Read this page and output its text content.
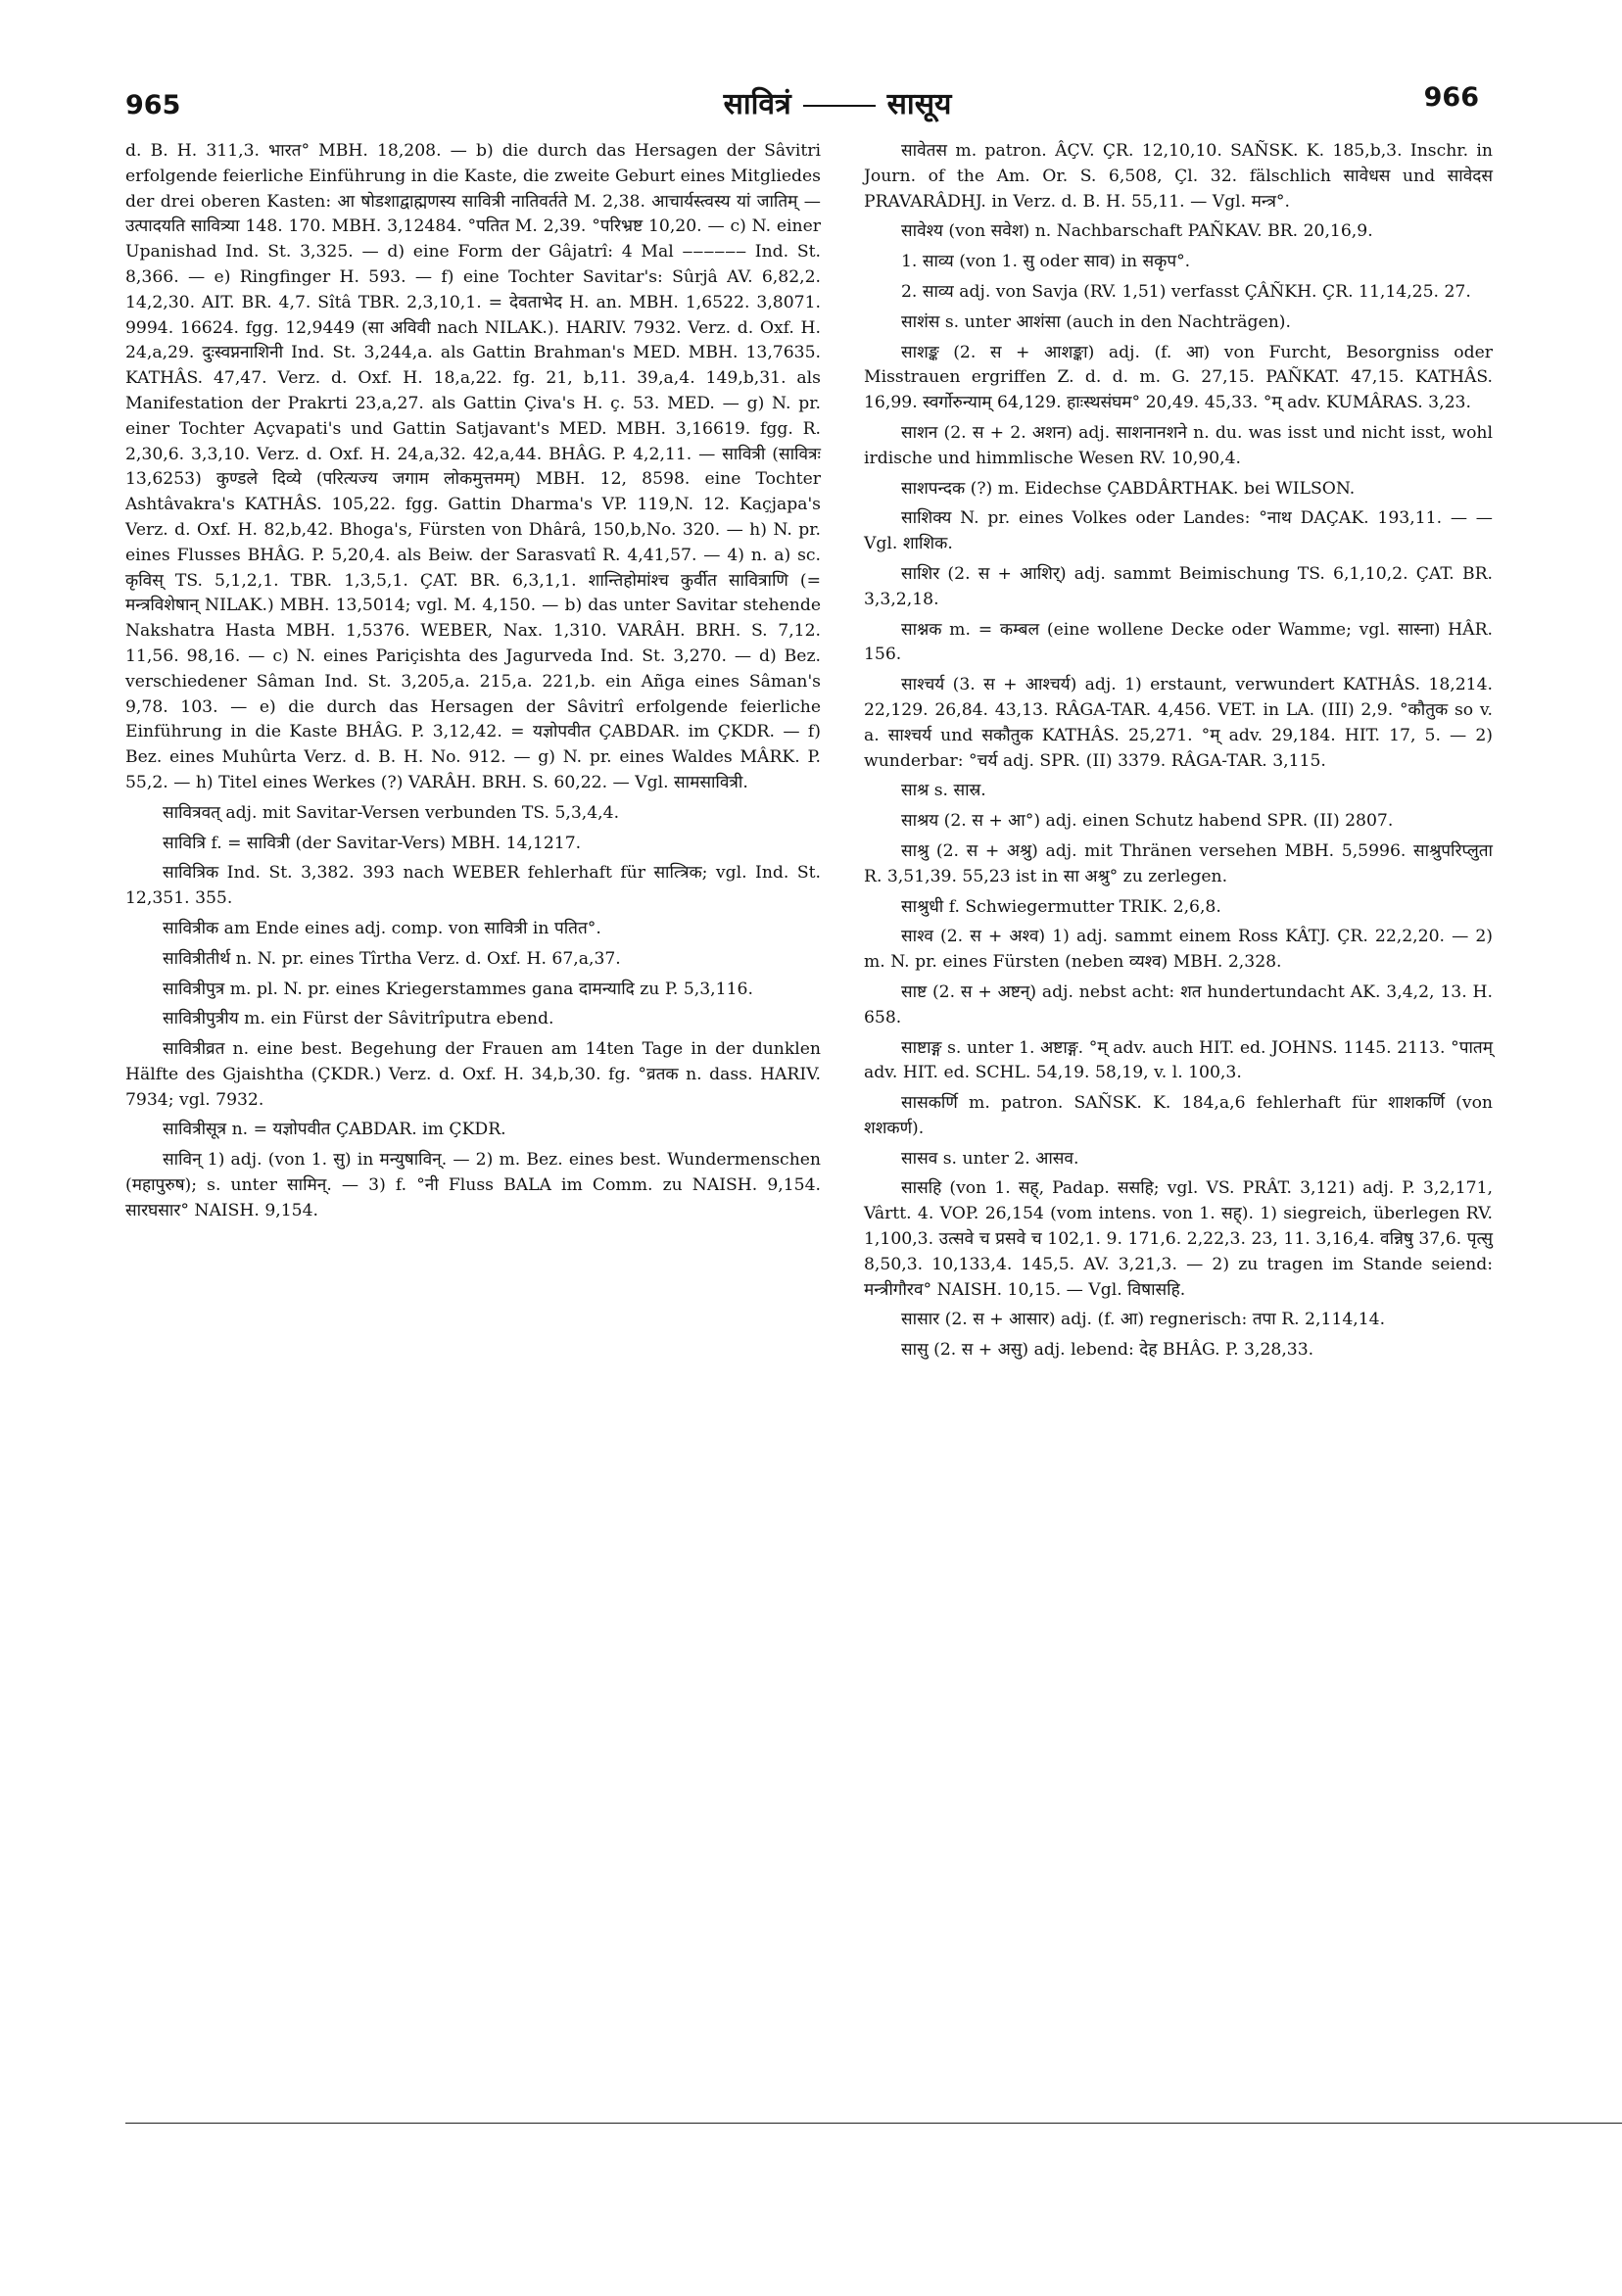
965	सावित्रं	सासूय	966

d. B. H. 311,3. भारत° MBH. 18,208. — b) die durch das Hersagen der Sâvitri erfolgende feierliche Einführung in die Kaste, die zweite Geburt eines Mitgliedes der drei oberen Kasten: आ षोडशाद्वाह्मणस्य सावित्री नातिवर्तते M. 2,38. आचार्यस्त्वस्य यां जातिम् — उत्पादयति सावित्र्या 148. 170. MBH. 3,12484. °पतित M. 2,39. °परिभ्रष्ट 10,20. — c) N. einer Upanishad Ind. St. 3,325. — d) eine Form der Gâjatrî: 4 Mal ‒‒‒‒‒‒ Ind. St. 8,366. — e) Ringfinger H. 593. — f) eine Tochter Savitar's: Sûrjâ AV. 6,82,2. 14,2,30. AIT. BR. 4,7. Sîtâ TBR. 2,3,10,1. = देवताभेद H. an. MBH. 1,6522. 3,8071. 9994. 16624. fgg. 12,9449 (सा अविवी nach NILAK.). HARIV. 7932. Verz. d. Oxf. H. 24,a,29. दुःस्वप्ननाशिनी Ind. St. 3,244,a. als Gattin Brahman's MED. MBH. 13,7635. KATHÂS. 47,47. Verz. d. Oxf. H. 18,a,22. fg. 21, b,11. 39,a,4. 149,b,31. als Manifestation der Prakrti 23,a,27. als Gattin Çiva's H. ç. 53. MED. — g) N. pr. einer Tochter Açvapati's und Gattin Satjavant's MED. MBH. 3,16619. fgg. R. 2,30,6. 3,3,10. Verz. d. Oxf. H. 24,a,32. 42,a,44. BHÂG. P. 4,2,11. — सावित्री (सावित्रः 13,6253) कुण्डले दिव्ये (परित्यज्य जगाम लोकमुत्तमम्) MBH. 12, 8598. eine Tochter Ashtâvakra's KATHÂS. 105,22. fgg. Gattin Dharma's VP. 119,N. 12. Kaçjapa's Verz. d. Oxf. H. 82,b,42. Bhoga's, Fürsten von Dhârâ, 150,b,No. 320. — h) N. pr. eines Flusses BHÂG. P. 5,20,4. als Beiw. der Sarasvatî R. 4,41,57. — 4) n. a) sc. कृविस् TS. 5,1,2,1. TBR. 1,3,5,1. ÇAT. BR. 6,3,1,1. शान्तिहोमांश्च कुर्वीत सावित्राणि (= मन्त्रविशेषान् NILAK.) MBH. 13,5014; vgl. M. 4,150. — b) das unter Savitar stehende Nakshatra Hasta MBH. 1,5376. WEBER, Nax. 1,310. VARÂH. BRH. S. 7,12. 11,56. 98,16. — c) N. eines Pariçishta des Jagurveda Ind. St. 3,270. — d) Bez. verschiedener Sâman Ind. St. 3,205,a. 215,a. 221,b. ein Añga eines Sâman's 9,78. 103. — e) die durch das Hersagen der Sâvitrî erfolgende feierliche Einführung in die Kaste BHÂG. P. 3,12,42. = यज्ञोपवीत ÇABDAR. im ÇKDR. — f) Bez. eines Muhûrta Verz. d. B. H. No. 912. — g) N. pr. eines Waldes MÂRK. P. 55,2. — h) Titel eines Werkes (?) VARÂH. BRH. S. 60,22. — Vgl. सामसावित्री.

सावित्रवत् adj. mit Savitar-Versen verbunden TS. 5,3,4,4.

सावित्रि f. = सावित्री (der Savitar-Vers) MBH. 14,1217.

सावित्रिक Ind. St. 3,382. 393 nach WEBER fehlerhaft für सात्त्रिक; vgl. Ind. St. 12,351. 355.

सावित्रीक am Ende eines adj. comp. von सावित्री in पतित°.

सावित्रीतीर्थ n. N. pr. eines Tîrtha Verz. d. Oxf. H. 67,a,37.

सावित्रीपुत्र m. pl. N. pr. eines Kriegerstammes gana दामन्यादि zu P. 5,3,116.

सावित्रीपुत्रीय m. ein Fürst der Sâvitrîputra ebend.

सावित्रीव्रत n. eine best. Begehung der Frauen am 14ten Tage in der dunklen Hälfte des Gjaishtha (ÇKDR.) Verz. d. Oxf. H. 34,b,30. fg. °व्रतक n. dass. HARIV. 7934; vgl. 7932.

सावित्रीसूत्र n. = यज्ञोपवीत ÇABDAR. im ÇKDR.

साविन् 1) adj. (von 1. सु) in मन्युषाविन्. — 2) m. Bez. eines best. Wundermenschen (महापुरुष); s. unter सामिन्. — 3) f. °नी Fluss BALA im Comm. zu NAISH. 9,154. सारघसार° NAISH. 9,154.

सावेतस m. patron. ÂÇV. ÇR. 12,10,10. SAÑSK. K. 185,b,3. Inschr. in Journ. of the Am. Or. S. 6,508, Çl. 32. fälschlich सावेधस und सावेदस PRAVARÂDHJ. in Verz. d. B. H. 55,11. — Vgl. मन्त्र°.

सावेश्य (von सवेश) n. Nachbarschaft PAÑKAV. BR. 20,16,9.

1. साव्य (von 1. सु oder साव) in सकृप°.

2. साव्य adj. von Savja (RV. 1,51) verfasst ÇÂÑKH. ÇR. 11,14,25. 27.

साशंस s. unter आशंसा (auch in den Nachträgen).

साशङ्क (2. स + आशङ्का) adj. (f. आ) von Furcht, Besorgniss oder Misstrauen ergriffen Z. d. d. m. G. 27,15. PAÑKAT. 47,15. KATHÂS. 16,99. स्वर्गोरुन्याम् 64,129. हाःस्थसंघम° 20,49. 45,33. °म् adv. KUMÂRAS. 3,23.

साशन (2. स + 2. अशन) adj. साशनानशने n. du. was isst und nicht isst, wohl irdische und himmlische Wesen RV. 10,90,4.

साशपन्दक (?) m. Eidechse ÇABDÂRTHAK. bei WILSON.

साशिक्य N. pr. eines Volkes oder Landes: °नाथ DAÇAK. 193,11. — — Vgl. शाशिक.

साशिर (2. स + आशिर्) adj. sammt Beimischung TS. 6,1,10,2. ÇAT. BR. 3,3,2,18.

साश्नक m. = कम्बल (eine wollene Decke oder Wamme; vgl. सास्ना) HÂR. 156.

साश्चर्य (3. स + आश्चर्य) adj. 1) erstaunt, verwundert KATHÂS. 18,214. 22,129. 26,84. 43,13. RÂGA-TAR. 4,456. VET. in LA. (III) 2,9. °कौतुक so v. a. साश्चर्य und सकौतुक KATHÂS. 25,271. °म् adv. 29,184. HIT. 17, 5. — 2) wunderbar: °चर्य adj. SPR. (II) 3379. RÂGA-TAR. 3,115.

साश्र s. सास्र.

साश्रय (2. स + आ°) adj. einen Schutz habend SPR. (II) 2807.

साश्रु (2. स + अश्रु) adj. mit Thränen versehen MBH. 5,5996. साश्रुपरिप्लुता R. 3,51,39. 55,23 ist in सा अश्रु° zu zerlegen.

साश्रुधी f. Schwiegermutter TRIK. 2,6,8.

साश्व (2. स + अश्व) 1) adj. sammt einem Ross KÂTJ. ÇR. 22,2,20. — 2) m. N. pr. eines Fürsten (neben व्यश्व) MBH. 2,328.

साष्ट (2. स + अष्टन्) adj. nebst acht: शत hundertundacht AK. 3,4,2, 13. H. 658.

साष्टाङ्ग s. unter 1. अष्टाङ्ग. °म् adv. auch HIT. ed. JOHNS. 1145. 2113. °पातम् adv. HIT. ed. SCHL. 54,19. 58,19, v. l. 100,3.

सासकर्णि m. patron. SAÑSK. K. 184,a,6 fehlerhaft für शाशकर्णि (von शशकर्ण).

सासव s. unter 2. आसव.

सासहि (von 1. सह्, Padap. ससहि; vgl. VS. PRÂT. 3,121) adj. P. 3,2,171, Vârtt. 4. VOP. 26,154 (vom intens. von 1. सह्). 1) siegreich, überlegen RV. 1,100,3. उत्सवे च प्रसवे च 102,1. 9. 171,6. 2,22,3. 23, 11. 3,16,4. वन्निषु 37,6. पृत्सु 8,50,3. 10,133,4. 145,5. AV. 3,21,3. — 2) zu tragen im Stande seiend: मन्त्रीगौरव° NAISH. 10,15. — Vgl. विषासहि.

सासार (2. स + आसार) adj. (f. आ) regnerisch: तपा R. 2,114,14.

सासु (2. स + असु) adj. lebend: देह BHÂG. P. 3,28,33.
